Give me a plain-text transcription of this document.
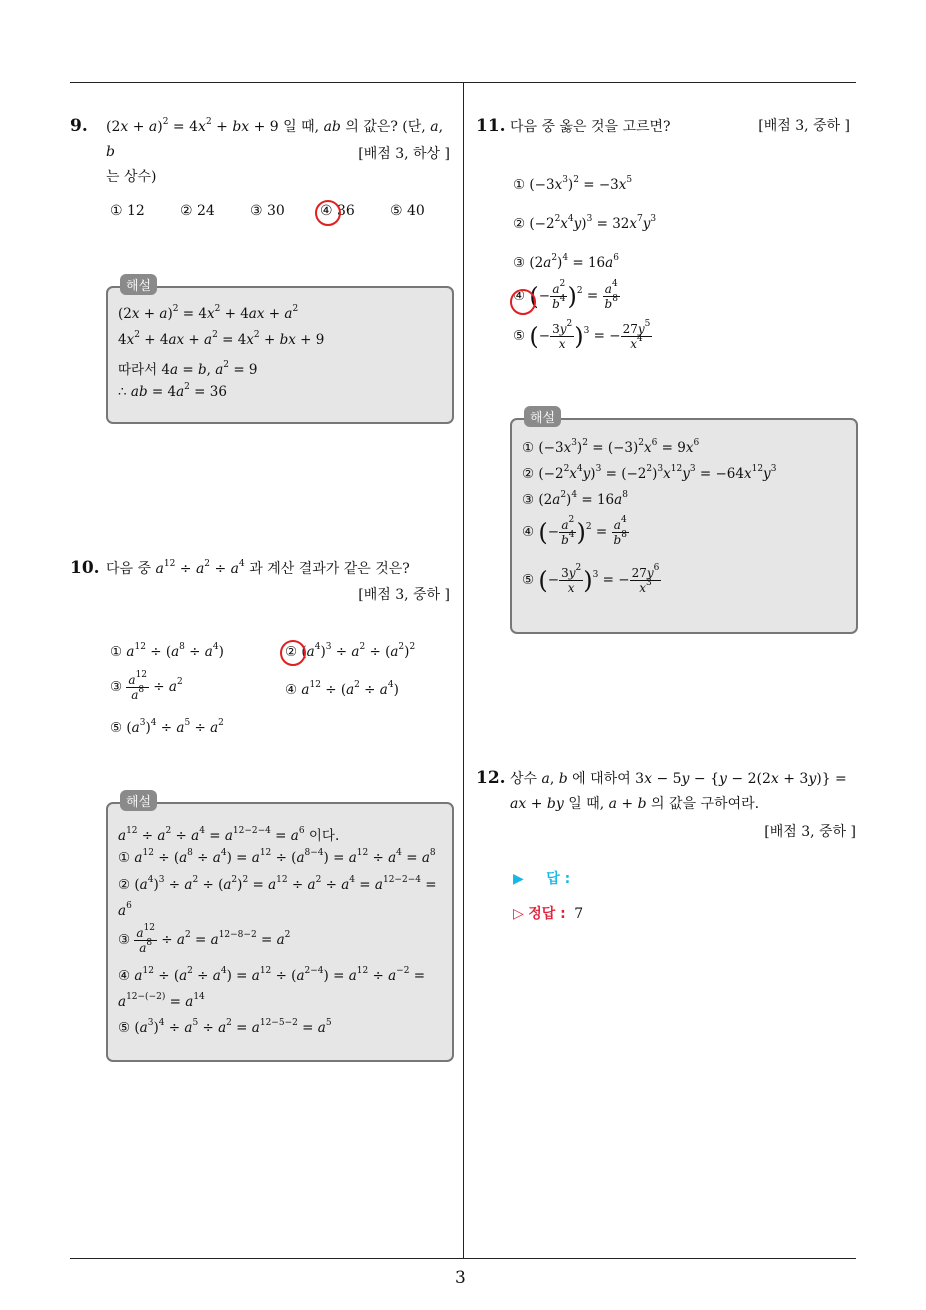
3
9. $(2x + a)^2 = 4x^2$ + bx + 9 일 때, ab 의 값은? (단, a, b
는 상수)
[배점 3, 하상 ]
① 12	② 24	③ 30	④ 36	⑤ 40
해설
$(2x + a)^2 = 4x^2 + 4ax + a^2$
$4x^2 + 4ax + a^2 = 4x^2$ + bx + 9
따라서 4a = b, $a^2 = 9$
∴ ab = $4a^2 = 36$
10. 다음 중 $a^{12} \div a^2 \div a^4$ 과 계산 결과가 같은 것은?
[배점 3, 중하 ]
① $a^{12} \div (a^8 \div a^4)$	② $(a^4)^3 \div a^2 \div (a^2)^2$
③ $\frac{a^{12}}{a^8} \div a^2$	④ $a^{12} \div (a^2 \div a^4)$
⑤ $(a^3)^4 \div a^5 \div a^2$
해설
$a^{12} \div a^2 \div a^4 = a^{12-2-4} = a^6$ 이다.
① $a^{12} \div (a^8 \div a^4) = a^{12} \div (a^{8-4}) = a^{12} \div a^4 = a^8$
② $(a^4)^3 \div a^2 \div (a^2)^2 = a^{12} \div a^2 \div a^4 = a^{12-2-4}$ =
$a^6$
③ $\frac{a^{12}}{a^8} \div a^2 = a^{12-8-2} = a^2$
④ $a^{12} \div (a^2 \div a^4) = a^{12} \div (a^{2-4}) = a^{12} \div a^{-2}$ =
$a^{12-(-2)} = a^{14}$
⑤ $(a^3)^4 \div a^5 \div a^2 = a^{12-5-2} = a^5$
11. 다음 중 옳은 것을 고르면?	[배점 3, 중하 ]
① $(-3x^3)^2 = -3x^5$
② $(-2^2x^4y)^3 = 32x^7y^3$
③ $(2a^2)^4 = 16a^6$
④ (− $\frac{a^2}{b^4} )^2 = \frac{a^4}{b^8}$
⑤ (− $\frac{3y^2}{x} )^3$ = − $\frac{27y^5}{x^4}$
해설
① $(-3x^3)^2 = (-3)^2x^6 = 9x^6$
② $(-2^2x^4y)^3 = (-2^2)^3x^{12}y^3 = -64x^{12}y^3$
③ $(2a^2)^4 = 16a^8$
④ (− $\frac{a^2}{b^4} )^2 = \frac{a^4}{b^8}$
⑤ (− $\frac{3y^2}{x} )^3$ = − $\frac{27y^6}{x^3}$
12. 상수 a, b 에 대하여 3x − 5y − {y − 2(2x + 3y)} =
ax + by 일 때, a + b 의 값을 구하여라.
[배점 3, 중하 ]
▶ 답 :
▷ 정답 : 7
